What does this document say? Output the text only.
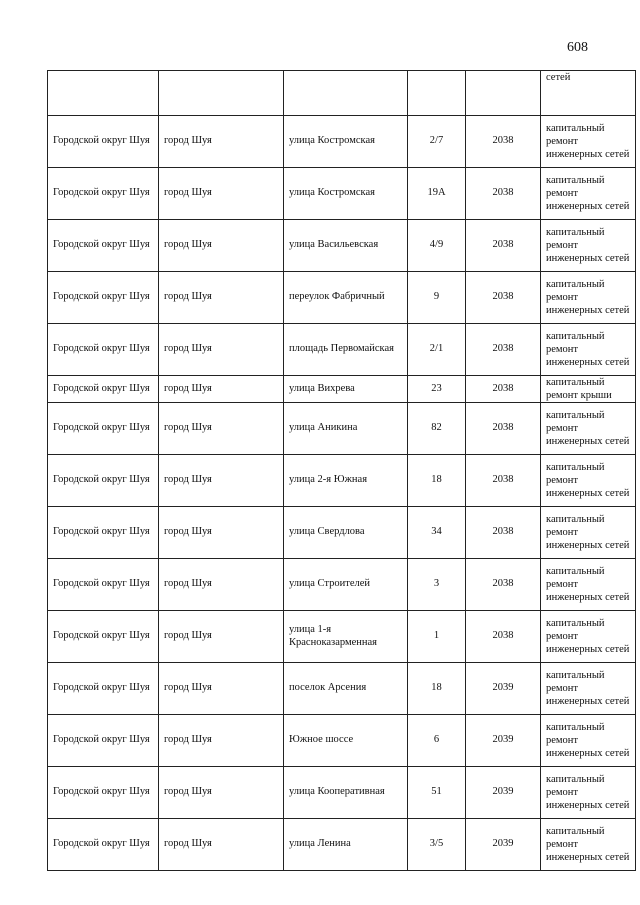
608
					сетей
Городской округ Шуя	город Шуя	улица Костромская	2/7	2038	капитальный ремонт инженерных сетей
Городской округ Шуя	город Шуя	улица Костромская	19А	2038	капитальный ремонт инженерных сетей
Городской округ Шуя	город Шуя	улица Васильевская	4/9	2038	капитальный ремонт инженерных сетей
Городской округ Шуя	город Шуя	переулок Фабричный	9	2038	капитальный ремонт инженерных сетей
Городской округ Шуя	город Шуя	площадь Первомайская	2/1	2038	капитальный ремонт инженерных сетей
Городской округ Шуя	город Шуя	улица Вихрева	23	2038	капитальный ремонт крыши
Городской округ Шуя	город Шуя	улица Аникина	82	2038	капитальный ремонт инженерных сетей
Городской округ Шуя	город Шуя	улица 2-я Южная	18	2038	капитальный ремонт инженерных сетей
Городской округ Шуя	город Шуя	улица Свердлова	34	2038	капитальный ремонт инженерных сетей
Городской округ Шуя	город Шуя	улица Строителей	3	2038	капитальный ремонт инженерных сетей
Городской округ Шуя	город Шуя	улица 1-я Красноказарменная	1	2038	капитальный ремонт инженерных сетей
Городской округ Шуя	город Шуя	поселок Арсения	18	2039	капитальный ремонт инженерных сетей
Городской округ Шуя	город Шуя	Южное шоссе	6	2039	капитальный ремонт инженерных сетей
Городской округ Шуя	город Шуя	улица Кооперативная	51	2039	капитальный ремонт инженерных сетей
Городской округ Шуя	город Шуя	улица Ленина	3/5	2039	капитальный ремонт инженерных сетей
